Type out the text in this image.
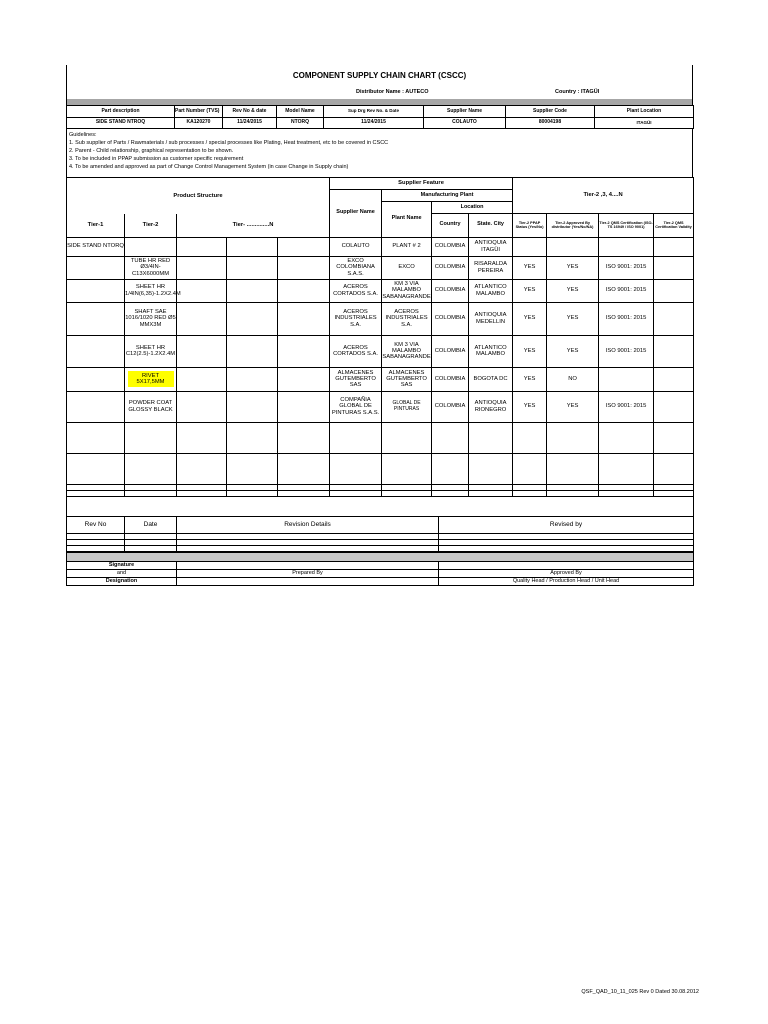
COMPONENT SUPPLY CHAIN CHART (CSCC)
Distributor Name : AUTECO	Country : ITAGÜI
Part description	Part Number (TVS)	Rev No & date	Model Name	Sup Drg Rev No. & Date	Supplier Name	Supplier Code	Plant Location
SIDE STAND NTROQ	KA120270	11/24/2015	NTORQ	11/24/2015	COLAUTO	80004198	ITAGÜI
Guidelines:
1. Sub supplier of Parts / Rawmaterials / sub processes / special processes like Plating, Heat treatment, etc to be covered in CSCC
2. Parent - Child relationship, graphical representation to be shown.
3. To be included in PPAP submission as customer specific requirement
4. To be amended and approved as part of Change Control Management System (in case Change in Supply chain)
Product Structure					Supplier Feature				Tier-2 ,3, 4....N			
					Supplier Name	Manufacturing Plant						
						Plant Name	Location					
Tier-1	Tier-2	Tier- ..............N					Country	State. City	Tier-2 PPAP Status (Yes/No)	Tier-2 Approved By distributor (Yes/No/NA)	Tier-2 QMS Certification (ISO-TS 16949 / ISO 9001)	Tier-2 QMS Certification Validity
SIDE STAND NTORQ					COLAUTO	PLANT # 2	COLOMBIA	ANTIOQUIA ITAGÜI				
	TUBE HR RED Ø3/4IN-C13X6000MM				EXCO COLOMBIANA S.A.S.	EXCO	COLOMBIA	RISARALDA PEREIRA	YES	YES	ISO 9001: 2015	
	SHEET HR 1/4IN(6,35)-1.2X2.4M				ACEROS CORTADOS S.A.	KM 3 VIA MALAMBO SABANAGRANDE	COLOMBIA	ATLANTICO MALAMBO	YES	YES	ISO 9001: 2015	
	SHAFT SAE 1016/1020 RED Ø5 MMX3M				ACEROS INDUSTRIALES S.A.	ACEROS INDUSTRIALES S.A.	COLOMBIA	ANTIOQUIA MEDELLIN	YES	YES	ISO 9001: 2015	
	SHEET HR C12(2.5)-1.2X2.4M				ACEROS CORTADOS S.A.	KM 3 VIA MALAMBO SABANAGRANDE	COLOMBIA	ATLANTICO MALAMBO	YES	YES	ISO 9001: 2015	
	RIVET 5X17,5MM				ALMACENES GUTEMBERTO SAS	ALMACENES GUTEMBERTO SAS	COLOMBIA	BOGOTA DC	YES	NO		
	POWDER COAT GLOSSY BLACK				COMPAÑIA GLOBAL DE PINTURAS S.A.S.	GLOBAL DE PINTURAS	COLOMBIA	ANTIOQUIA RIONEGRO	YES	YES	ISO 9001: 2015	

Rev No	Date	Revision Details	Revised by

Signature		
and	Prepared By	Approved By
Designation		Quality Head / Production Head / Unit Head
QSF_QAD_10_11_025 Rev 0 Dated 30.08.2012
